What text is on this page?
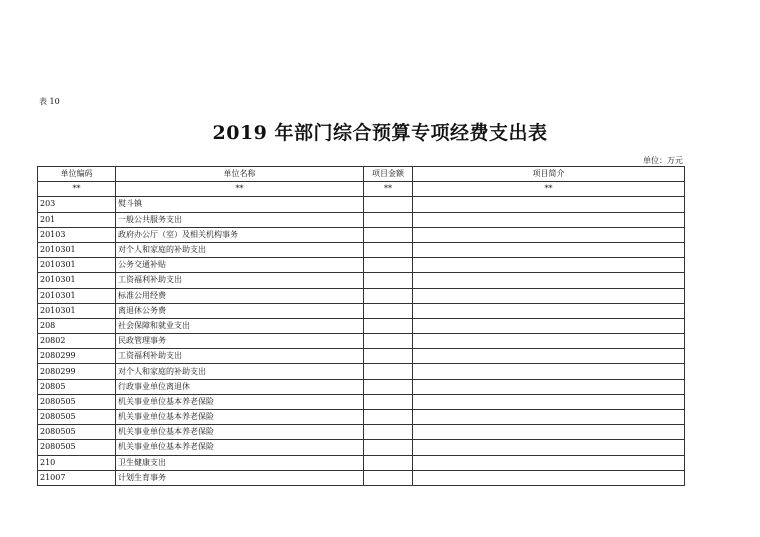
表 10
2019 年部门综合预算专项经费支出表
单位：万元
单位编码	单位名称	项目金额	项目简介
**	**	**	**
203	熨斗镇		
201	一般公共服务支出		
20103	政府办公厅（室）及相关机构事务		
2010301	对个人和家庭的补助支出		
2010301	公务交通补贴		
2010301	工资福利补助支出		
2010301	标准公用经费		
2010301	离退休公务费		
208	社会保障和就业支出		
20802	民政管理事务		
2080299	工资福利补助支出		
2080299	对个人和家庭的补助支出		
20805	行政事业单位离退休		
2080505	机关事业单位基本养老保险		
2080505	机关事业单位基本养老保险		
2080505	机关事业单位基本养老保险		
2080505	机关事业单位基本养老保险		
210	卫生健康支出		
21007	计划生育事务		
